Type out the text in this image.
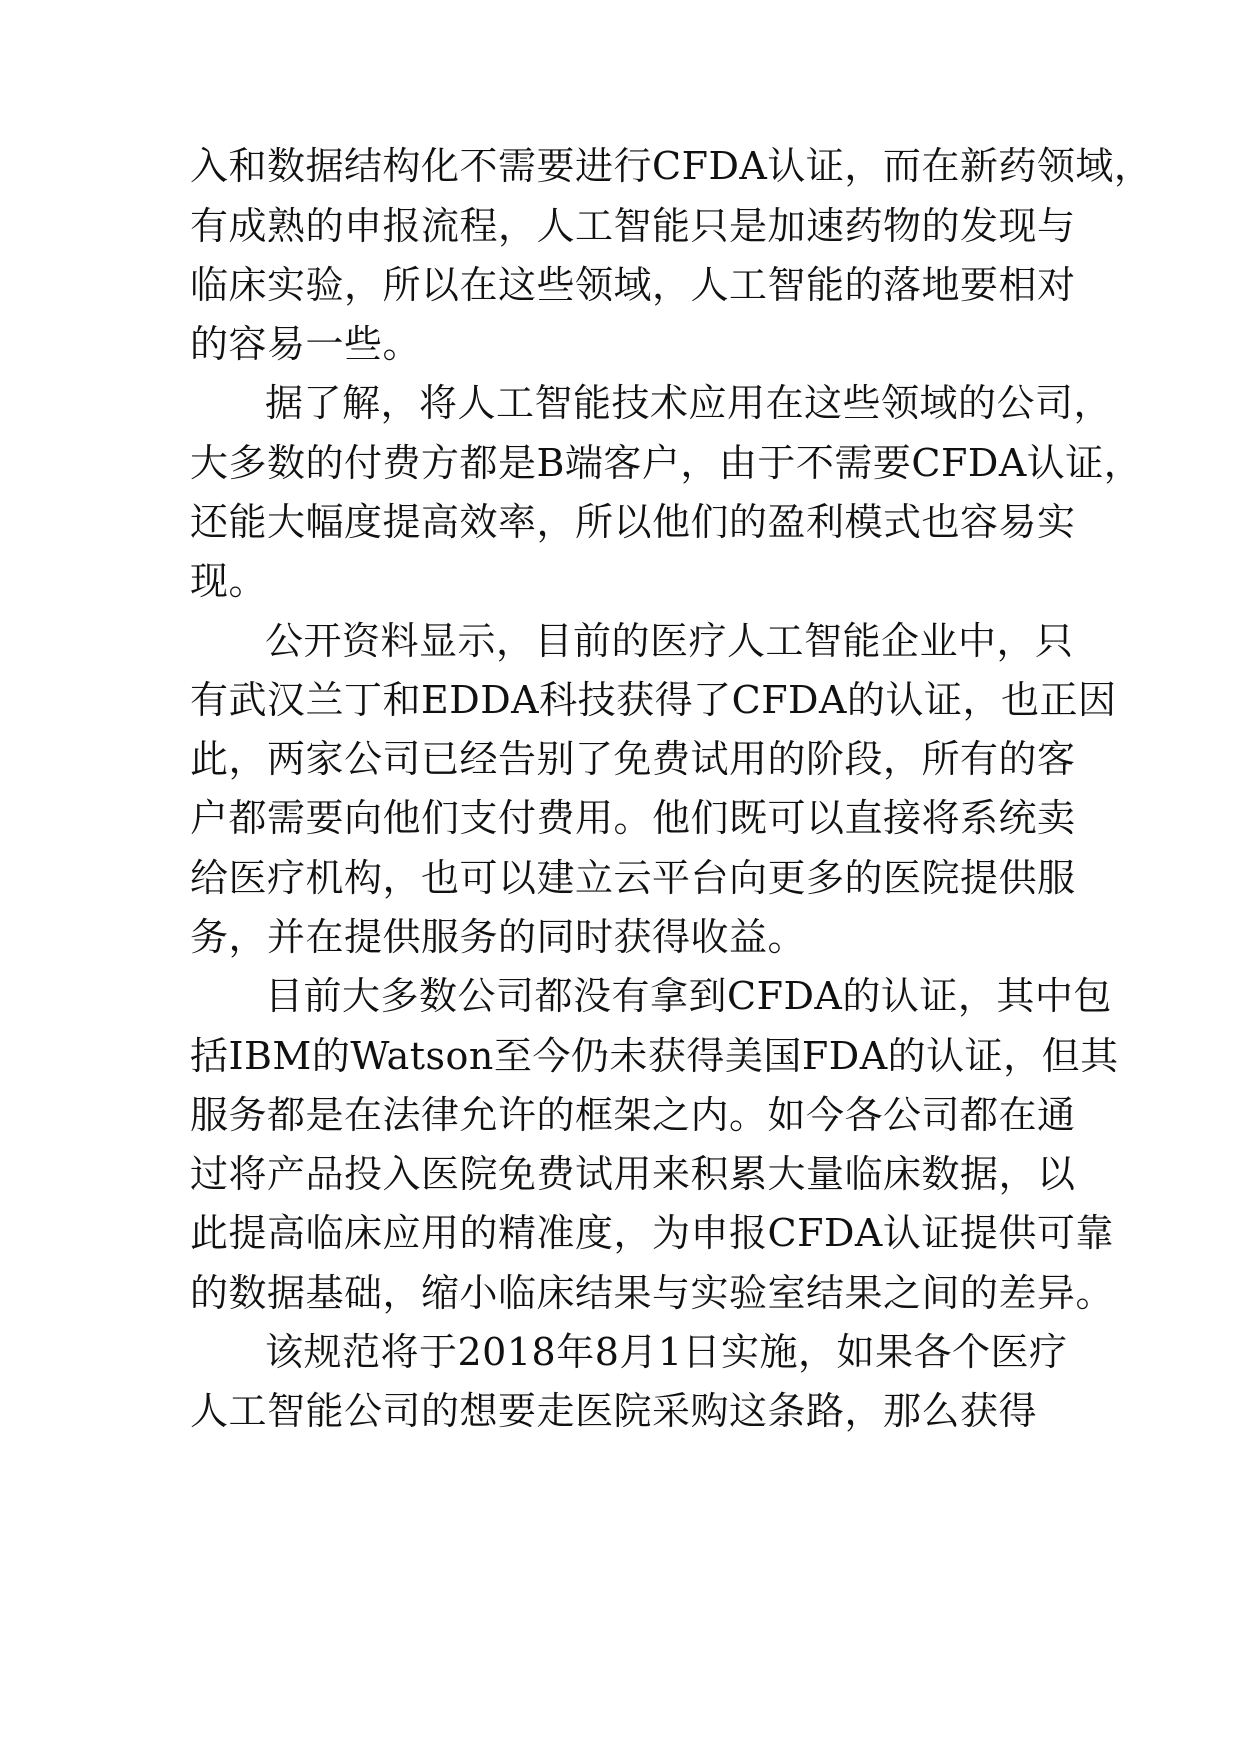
入和数据结构化不需要进行CFDA认证，而在新药领域，
有成熟的申报流程，人工智能只是加速药物的发现与
临床实验，所以在这些领域，人工智能的落地要相对
的容易一些。
据了解，将人工智能技术应用在这些领域的公司，
大多数的付费方都是B端客户，由于不需要CFDA认证，
还能大幅度提高效率，所以他们的盈利模式也容易实
现。
公开资料显示，目前的医疗人工智能企业中，只
有武汉兰丁和EDDA科技获得了CFDA的认证，也正因
此，两家公司已经告别了免费试用的阶段，所有的客
户都需要向他们支付费用。他们既可以直接将系统卖
给医疗机构，也可以建立云平台向更多的医院提供服
务，并在提供服务的同时获得收益。
目前大多数公司都没有拿到CFDA的认证，其中包
括IBM的Watson至今仍未获得美国FDA的认证，但其
服务都是在法律允许的框架之内。如今各公司都在通
过将产品投入医院免费试用来积累大量临床数据，以
此提高临床应用的精准度，为申报CFDA认证提供可靠
的数据基础，缩小临床结果与实验室结果之间的差异。
该规范将于2018年8月1日实施，如果各个医疗
人工智能公司的想要走医院采购这条路，那么获得
